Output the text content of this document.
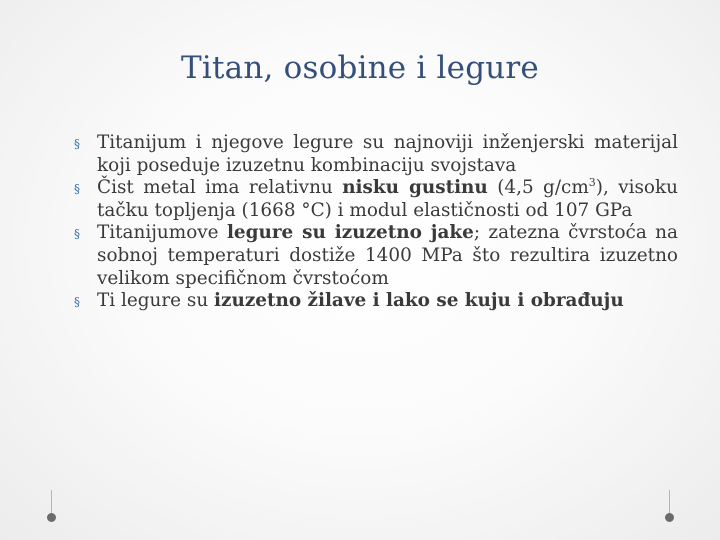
Titan, osobine i legure
§ Titanijum i njegove legure su najnoviji inženjerski materijal koji poseduje izuzetnu kombinaciju svojstava
§ Čist metal ima relativnu nisku gustinu (4,5 $g/cm^3$), visoku tačku topljenja (1668 °C) i modul elastičnosti od 107 GPa
§ Titanijumove legure su izuzetno jake; zatezna čvrstoća na sobnoj temperaturi dostiže 1400 MPa što rezultira izuzetno velikom specifičnom čvrstoćom
§ Ti legure su izuzetno žilave i lako se kuju i obrađuju
